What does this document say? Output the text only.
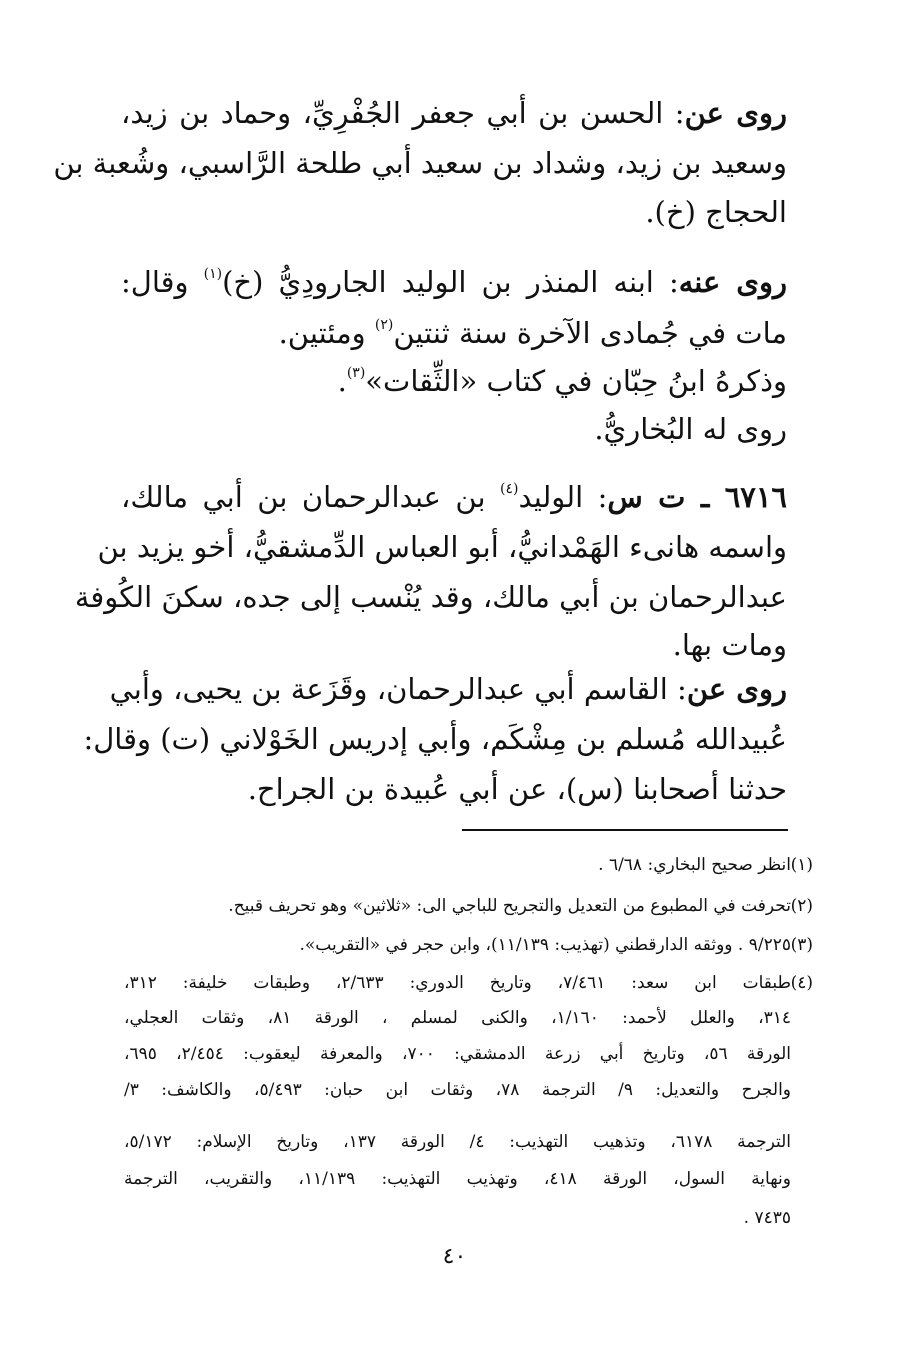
روى عن: الحسن بن أبي جعفر الجُفْرِيِّ، وحماد بن زيد،
وسعيد بن زيد، وشداد بن سعيد أبي طلحة الرَّاسبي، وشُعبة بن
الحجاج (خ).
روى عنه: ابنه المنذر بن الوليد الجارودِيُّ (خ)$^{(١)}$ وقال:
مات في جُمادى الآخرة سنة ثنتين$^{(٢)}$ ومئتين.
وذكرهُ ابنُ حِبّان في كتاب «الثِّقات»$^{(٣)}$.
روى له البُخاريُّ.
٦٧١٦ ـ ت س: الوليد$^{(٤)}$ بن عبدالرحمان بن أبي مالك،
واسمه هانىء الهَمْدانيُّ، أبو العباس الدِّمشقيُّ، أخو يزيد بن
عبدالرحمان بن أبي مالك، وقد يُنْسب إلى جده، سكنَ الكُوفة
ومات بها.
روى عن: القاسم أبي عبدالرحمان، وقَزَعة بن يحيى، وأبي
عُبيدالله مُسلم بن مِشْكَم، وأبي إدريس الخَوْلاني (ت) وقال:
حدثنا أصحابنا (س)، عن أبي عُبيدة بن الجراح.
(١)
انظر صحيح البخاري: ٦/٦٨ .
(٢)
تحرفت في المطبوع من التعديل والتجريح للباجي الى: «ثلاثين» وهو تحريف قبيح.
(٣)
٩/٢٢٥ . ووثقه الدارقطني (تهذيب: ١١/١٣٩)، وابن حجر في «التقريب».
(٤)
طبقات ابن سعد: ٧/٤٦١، وتاريخ الدوري: ٢/٦٣٣، وطبقات خليفة: ٣١٢،
٣١٤، والعلل لأحمد: ١/١٦٠، والكنى لمسلم ، الورقة ٨١، وثقات العجلي،
الورقة ٥٦، وتاريخ أبي زرعة الدمشقي: ٧٠٠، والمعرفة ليعقوب: ٢/٤٥٤، ٦٩٥،
والجرح والتعديل: ٩/ الترجمة ٧٨، وثقات ابن حبان: ٥/٤٩٣، والكاشف: ٣/
الترجمة ٦١٧٨، وتذهيب التهذيب: ٤/ الورقة ١٣٧، وتاريخ الإسلام: ٥/١٧٢،
ونهاية السول، الورقة ٤١٨، وتهذيب التهذيب: ١١/١٣٩، والتقريب، الترجمة
٧٤٣٥ .
٤٠
